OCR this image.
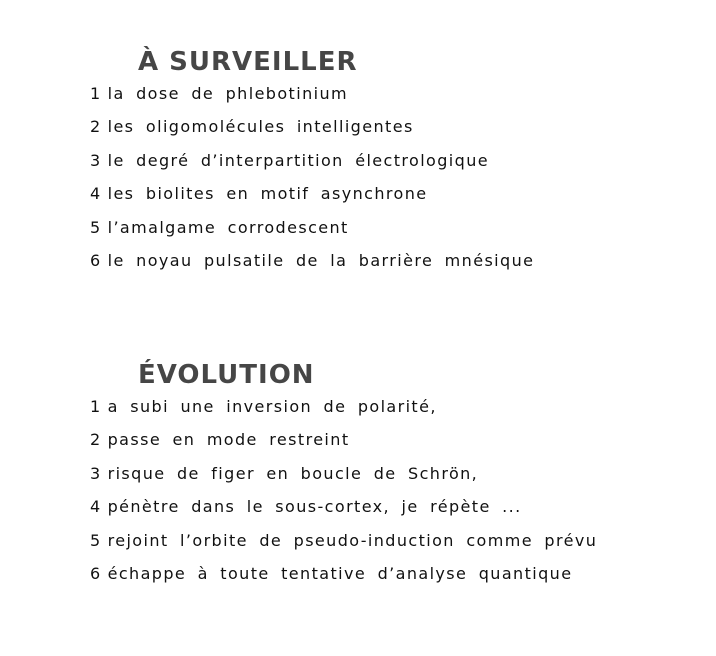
À SURVEILLER
1 la dose de phlebotinium
2 les oligomolécules intelligentes
3 le degré d’interpartition électrologique
4 les biolites en motif asynchrone
5 l’amalgame corrodescent
6 le noyau pulsatile de la barrière mnésique
ÉVOLUTION
1 a subi une inversion de polarité,
2 passe en mode restreint
3 risque de figer en boucle de Schrön,
4 pénètre dans le sous-cortex, je répète ...
5 rejoint l’orbite de pseudo-induction comme prévu
6 échappe à toute tentative d’analyse quantique
